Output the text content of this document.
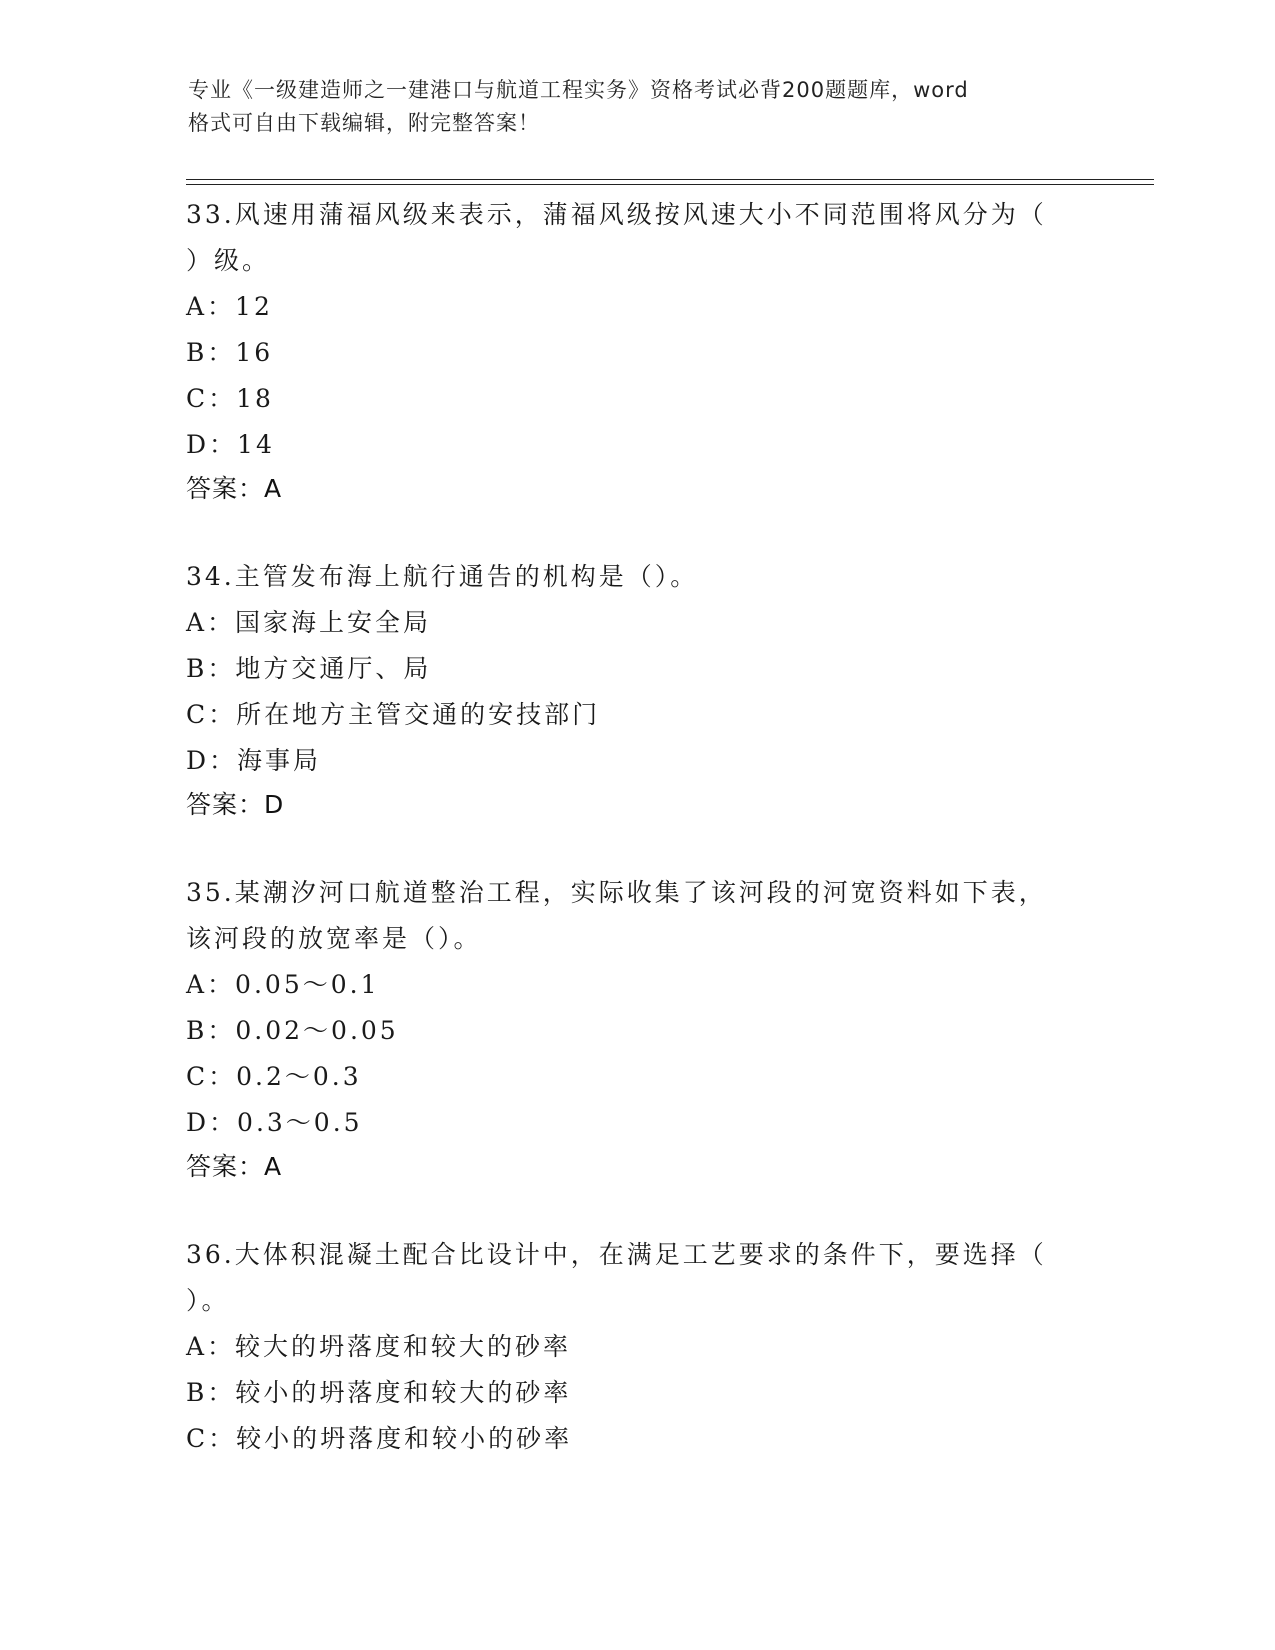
专业《一级建造师之一建港口与航道工程实务》资格考试必背200题题库，word
格式可自由下载编辑，附完整答案！
33.风速用蒲福风级来表示，蒲福风级按风速大小不同范围将风分为（
）级。
A：12
B：16
C：18
D：14
答案：A
34.主管发布海上航行通告的机构是（）。
A：国家海上安全局
B：地方交通厅、局
C：所在地方主管交通的安技部门
D：海事局
答案：D
35.某潮汐河口航道整治工程，实际收集了该河段的河宽资料如下表，
该河段的放宽率是（）。
A：0.05～0.1
B：0.02～0.05
C：0.2～0.3
D：0.3～0.5
答案：A
36.大体积混凝土配合比设计中，在满足工艺要求的条件下，要选择（
）。
A：较大的坍落度和较大的砂率
B：较小的坍落度和较大的砂率
C：较小的坍落度和较小的砂率
